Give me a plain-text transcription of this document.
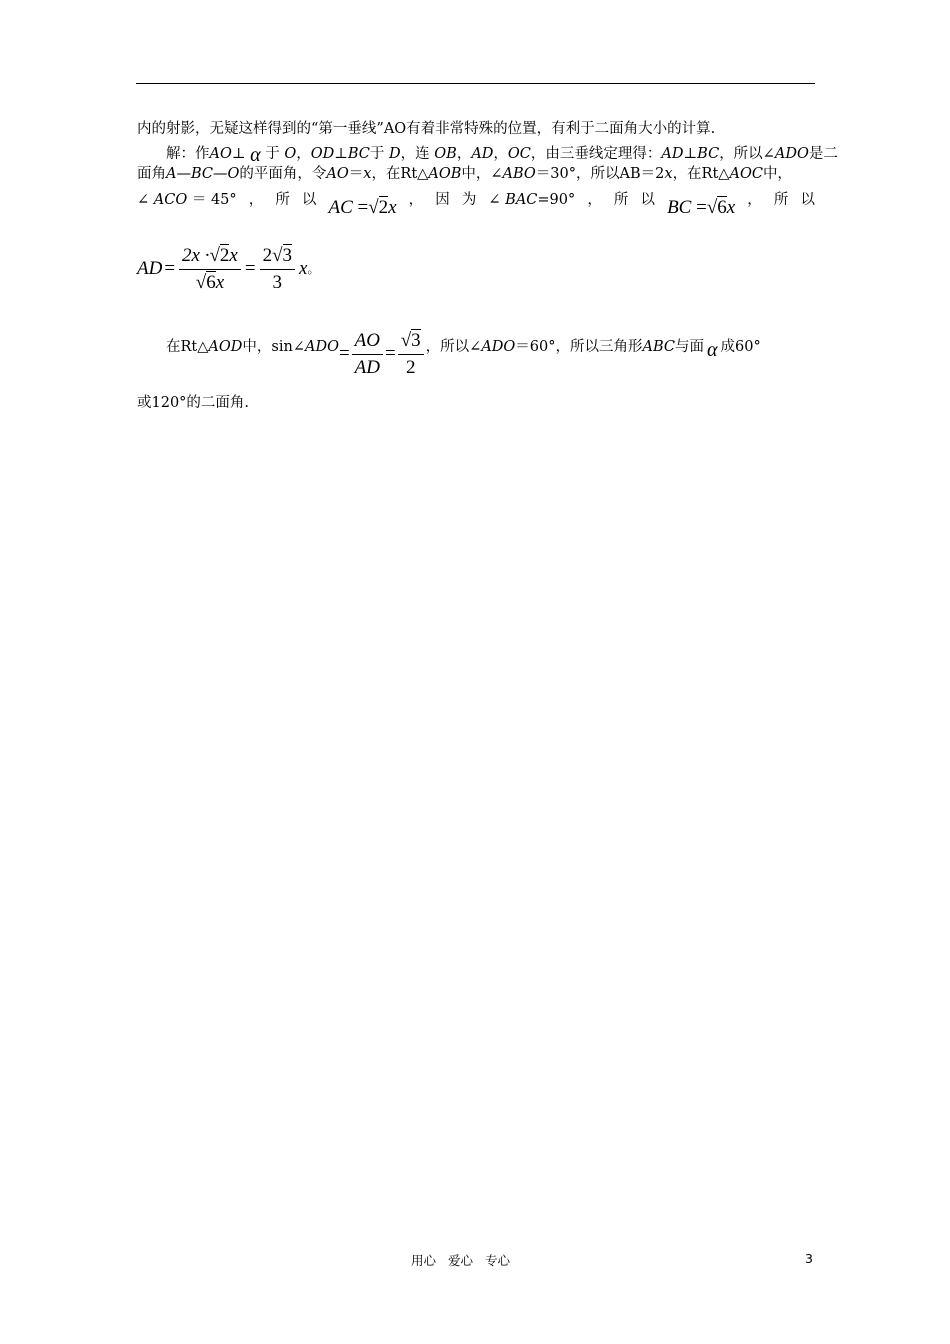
内的射影，无疑这样得到的“第一垂线”AO有着非常特殊的位置，有利于二面角大小的计算.
解：作AO⊥ α 于 O，OD⊥BC于 D，连 OB，AD，OC，由三垂线定理得：AD⊥BC，所以∠ADO是二
面角A—BC—O的平面角，令AO＝x，在Rt△AOB中，∠ABO＝30°，所以AB＝2x，在Rt△AOC中，
∠ ACO ＝ 45° ， 所 以 AC =√2x ， 因 为 ∠ BAC=90° ， 所 以 BC =√6x ， 所 以
AD = $\frac{2x \cdot√2x}{√6x} = \frac{2√3}{3}$ x 。
在Rt△ AOD 中，sin∠ ADO = $\frac{AO}{AD} = \frac{√3}{2}$ ，所以∠ ADO ＝60°，所以三角形 ABC 与面 α 成60°
或120°的二面角.
用心 爱心 专心	3
